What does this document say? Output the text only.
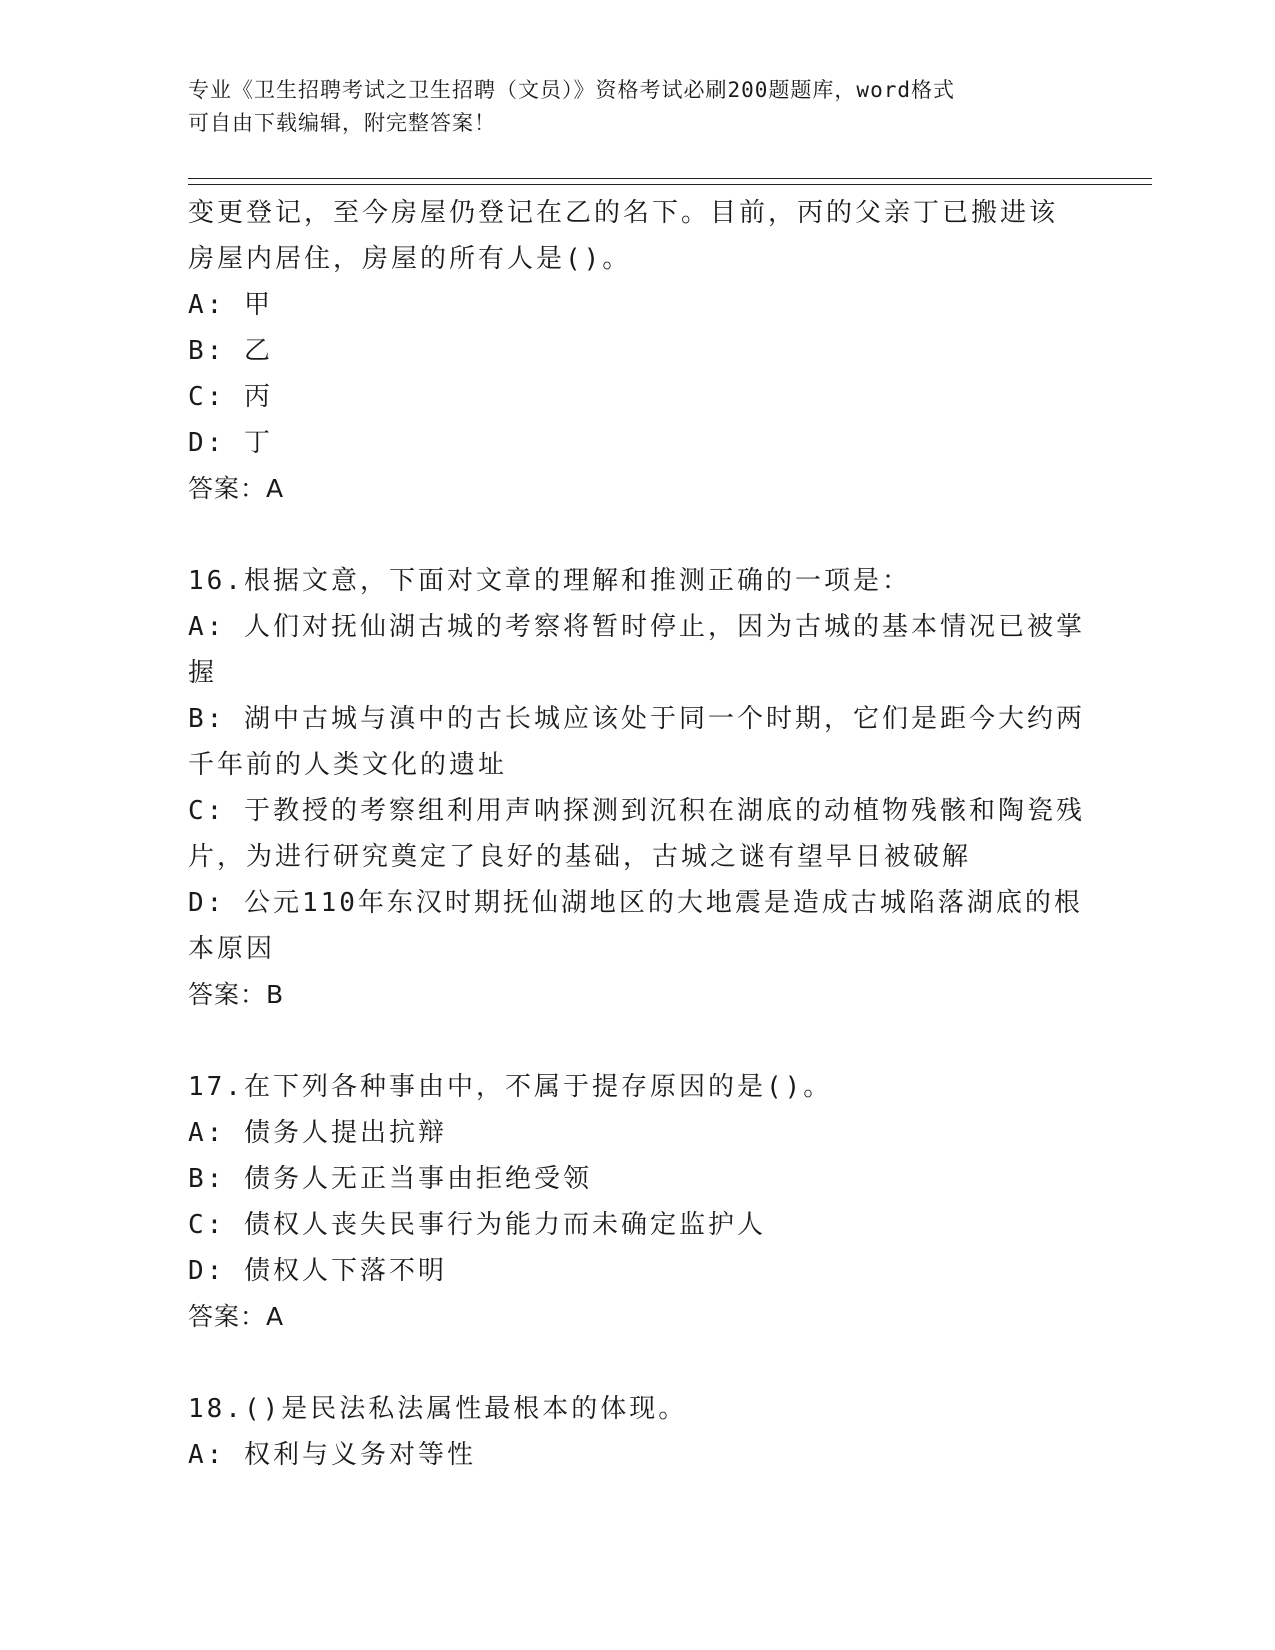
专业《卫生招聘考试之卫生招聘（文员）》资格考试必刷200题题库，word格式
可自由下载编辑，附完整答案！
变更登记，至今房屋仍登记在乙的名下。目前，丙的父亲丁已搬进该
房屋内居住，房屋的所有人是()。
A: 甲
B: 乙
C: 丙
D: 丁
答案：A
16.根据文意，下面对文章的理解和推测正确的一项是：
A: 人们对抚仙湖古城的考察将暂时停止，因为古城的基本情况已被掌
握
B: 湖中古城与滇中的古长城应该处于同一个时期，它们是距今大约两
千年前的人类文化的遗址
C: 于教授的考察组利用声呐探测到沉积在湖底的动植物残骸和陶瓷残
片，为进行研究奠定了良好的基础，古城之谜有望早日被破解
D: 公元110年东汉时期抚仙湖地区的大地震是造成古城陷落湖底的根
本原因
答案：B
17.在下列各种事由中，不属于提存原因的是()。
A: 债务人提出抗辩
B: 债务人无正当事由拒绝受领
C: 债权人丧失民事行为能力而未确定监护人
D: 债权人下落不明
答案：A
18.()是民法私法属性最根本的体现。
A: 权利与义务对等性
